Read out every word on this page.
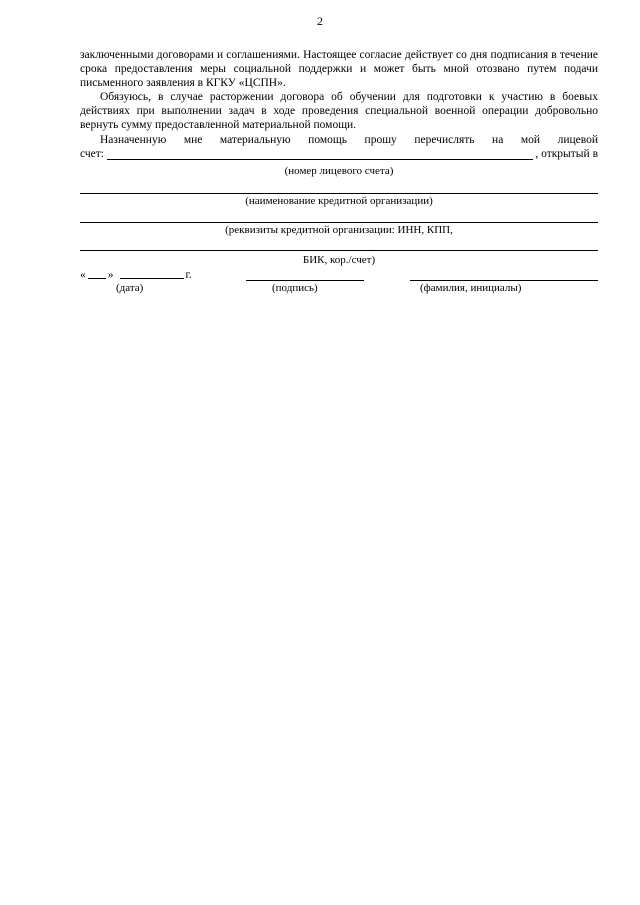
2

заключенными договорами и соглашениями. Настоящее согласие действует со дня подписания в течение срока предоставления меры социальной поддержки и может быть мной отозвано путем подачи письменного заявления в КГКУ «ЦСПН».

Обязуюсь, в случае расторжении договора об обучении для подготовки к участию в боевых действиях при выполнении задач в ходе проведения специальной военной операции добровольно вернуть сумму предоставленной материальной помощи.

Назначенную мне материальную помощь прошу перечислять на мой лицевой

счет:	, открытый в
(номер лицевого счета)
(наименование кредитной организации)
(реквизиты кредитной организации: ИНН, КПП,
БИК, кор./счет)
« »	г.
(дата)	(подпись)	(фамилия, инициалы)
